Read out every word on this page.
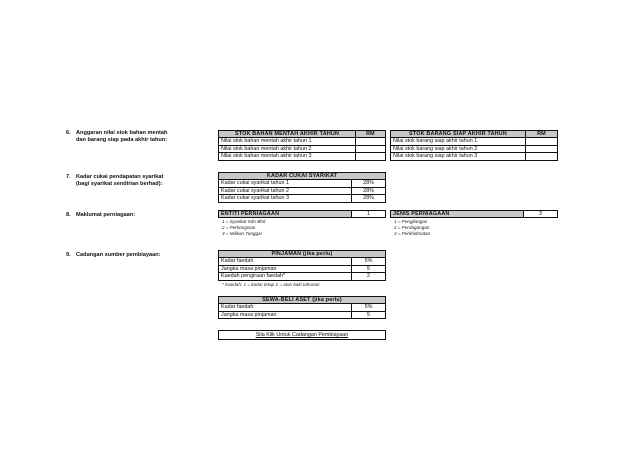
6. Anggaran nilai stok bahan mentah
dan barang siap pada akhir tahun:
7. Kadar cukai pendapatan syarikat
(bagi syarikat sendirian berhad):
8. Maklumat perniagaan:
9. Cadangan sumber pembiayaan:
STOK BAHAN MENTAH AKHIR TAHUN	RM
Nilai stok bahan mentah akhir tahun 1	
Nilai stok bahan mentah akhir tahun 2	
Nilai stok bahan mentah akhir tahun 3	
STOK BARANG SIAP AKHIR TAHUN	RM
Nilai stok barang siap akhir tahun 1	
Nilai stok barang siap akhir tahun 2	
Nilai stok barang siap akhir tahun 3	
KADAR CUKAI SYARIKAT	
Kadar cukai syarikat tahun 1	28%
Kadar cukai syarikat tahun 2	28%
Kadar cukai syarikat tahun 3	28%
ENTITI PERNIAGAAN	1
1 = Syarikat Sdn Bhd
2 = Perkongsian
3 = Milikan Tunggal
JENIS PERNIAGAAN	3
1 = Pengilangan
2 = Perdagangan
3 = Perkhidmatan
PINJAMAN (jika perlu)	
Kadar faedah	5%
Jangka masa pinjaman	5
Kaedah pengiraan faedah*	2
* Kaedah: 1 = kadar tetap 2 = atas baki tahunan
SEWA-BELI ASET (jika perlu)	
Kadar faedah	5%
Jangka masa pinjaman	5
Sila Klik Untuk Cadangan Pembiayaan
